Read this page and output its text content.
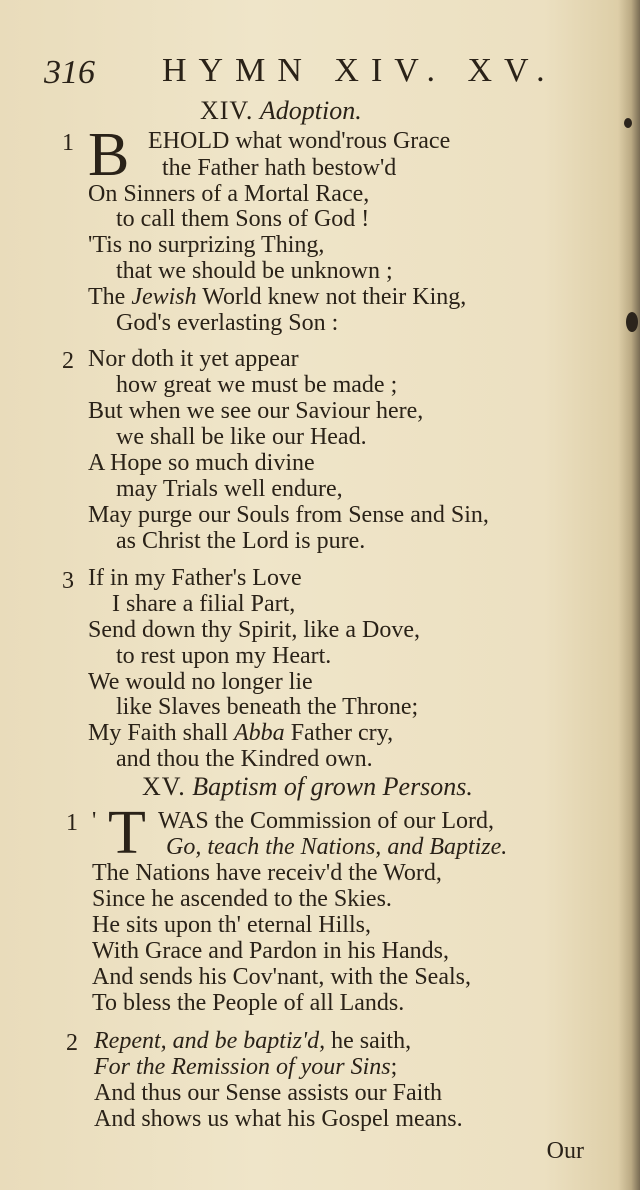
316 HYMN XIV. XV.
XIV. Adoption.
1 B EHOLD what wond'rous Grace
the Father hath bestow'd
On Sinners of a Mortal Race,
to call them Sons of God !
'Tis no surprizing Thing,
that we should be unknown ;
The Jewish World knew not their King,
God's everlasting Son :
2 Nor doth it yet appear
how great we must be made ;
But when we see our Saviour here,
we shall be like our Head.
A Hope so much divine
may Trials well endure,
May purge our Souls from Sense and Sin,
as Christ the Lord is pure.
3 If in my Father's Love
I share a filial Part,
Send down thy Spirit, like a Dove,
to rest upon my Heart.
We would no longer lie
like Slaves beneath the Throne;
My Faith shall Abba Father cry,
and thou the Kindred own.
XV. Baptism of grown Persons.
1 ' T WAS the Commission of our Lord,
Go, teach the Nations, and Baptize.
The Nations have receiv'd the Word,
Since he ascended to the Skies.
He sits upon th' eternal Hills,
With Grace and Pardon in his Hands,
And sends his Cov'nant, with the Seals,
To bless the People of all Lands.
2 Repent, and be baptiz'd, he saith,
For the Remission of your Sins;
And thus our Sense assists our Faith
And shows us what his Gospel means.
Our
